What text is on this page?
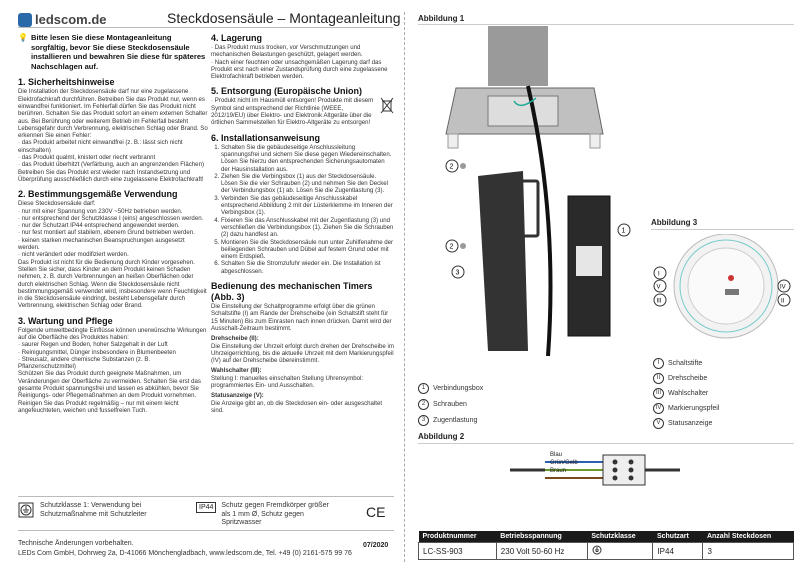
ledscom.de	Steckdosensäule – Montageanleitung
💡 Bitte lesen Sie diese Montageanleitung sorgfältig, bevor Sie diese Steckdosensäule installieren und bewahren Sie diese für späteres Nachschlagen auf.
1. Sicherheitshinweise
Die Installation der Steckdosensäule darf nur eine zugelassene Elektrofachkraft durchführen. Betreiben Sie das Produkt nur, wenn es einwandfrei funktioniert. Im Fehlerfall dürfen Sie das Produkt nicht berühren. Schalten Sie das Produkt sofort an einem externen Schalter aus. Bei Berührung oder weiterem Betrieb im Fehlerfall besteht Lebensgefahr durch Verbrennung, elektrischen Schlag oder Brand. So erkennen Sie einen Fehler:
· das Produkt arbeitet nicht einwandfrei (z. B.: lässt sich nicht einschalten)
· das Produkt qualmt, knistert oder riecht verbrannt
· das Produkt überhitzt (Verfärbung, auch an angrenzenden Flächen)
Betreiben Sie das Produkt erst wieder nach Instandsetzung und Überprüfung ausschließlich durch eine zugelassene Elektrofachkraft!
2. Bestimmungsgemäße Verwendung
Diese Steckdosensäule darf:
· nur mit einer Spannung von 230V ~50Hz betrieben werden.
· nur entsprechend der Schutzklasse I (eins) angeschlossen werden.
· nur der Schutzart IP44 entsprechend angewendet werden.
· nur fest montiert auf stabilem, ebenem Grund betrieben werden.
· keinen starken mechanischen Beanspruchungen ausgesetzt werden.
· nicht verändert oder modifiziert werden.
Das Produkt ist nicht für die Bedienung durch Kinder vorgesehen. Stellen Sie sicher, dass Kinder an dem Produkt keinen Schaden nehmen, z. B. durch Verbrennungen an heißen Oberflächen oder durch elektrischen Schlag. Wenn die Steckdosensäule nicht bestimmungsgemäß verwendet wird, insbesondere wenn Feuchtigkeit in die Steckdosensäule eindringt, besteht Lebensgefahr durch Verbrennung, elektrischen Schlag oder Brand.
3. Wartung und Pflege
Folgende umweltbedingte Einflüsse können unerwünschte Wirkungen auf die Oberfläche des Produktes haben:
· saurer Regen und Boden, hoher Salzgehalt in der Luft
· Reinigungsmittel, Dünger insbesondere in Blumenbeeten
· Streusalz, andere chemische Substanzen (z. B. Pflanzenschutzmittel)
Schützen Sie das Produkt durch geeignete Maßnahmen, um Veränderungen der Oberfläche zu vermeiden. Schalten Sie erst das gesamte Produkt spannungsfrei und lassen es abkühlen, bevor Sie Reinigungs- oder Pflegemaßnahmen an dem Produkt vornehmen. Reinigen Sie das Produkt regelmäßig – nur mit einem leicht angefeuchteten, weichen und fusselfreien Tuch.
4. Lagerung
· Das Produkt muss trocken, vor Verschmutzungen und mechanischen Belastungen geschützt, gelagert werden.
· Nach einer feuchten oder unsachgemäßen Lagerung darf das Produkt erst nach einer Zustandsprüfung durch eine zugelassene Elektrofachkraft betrieben werden.
5. Entsorgung (Europäische Union)
· Produkt nicht im Hausmüll entsorgen! Produkte mit diesem Symbol sind entsprechend der Richtlinie (WEEE, 2012/19/EU) über Elektro- und Elektronik Altgeräte über die örtlichen Sammelstellen für Elektro-Altgeräte zu entsorgen!
6. Installationsanweisung
1. Schalten Sie die gebäudeseitige Anschlussleitung spannungsfrei und sichern Sie diese gegen Wiedereinschalten. Lösen Sie hierzu den entsprechenden Sicherungsautomaten der Hausinstallation aus.
2. Ziehen Sie die Verbingsbox (1) aus der Steckdosensäule. Lösen Sie die vier Schrauben (2) und nehmen Sie den Deckel der Verbindungsbox (1) ab. Lösen Sie die Zugentlastung (3).
3. Verbinden Sie das gebäudeseitige Anschlusskabel entsprechend Abbildung 2 mit der Lüsterklemme im Inneren der Verbingsbox (1).
4. Fixieren Sie das Anschlusskabel mit der Zugentlastung (3) und verschließen die Verbindungsbox (1). Ziehen Sie die Schrauben (2) dazu handfest an.
5. Montieren Sie die Steckdosensäule nun unter Zuhilfenahme der beiliegenden Schrauben und Dübel auf festem Grund oder mit einem Erdspieß.
6. Schalten Sie die Stromzufuhr wieder ein. Die Installation ist abgeschlossen.
Bedienung des mechanischen Timers (Abb. 3)
Die Einstellung der Schaltprogramme erfolgt über die grünen Schaltstifte (I) am Rande der Drehscheibe (ein Schaltstift steht für 15 Minuten) Bis zum Einrasten nach innen drücken. Damit wird der Ausschalt-Zeitraum bestimmt.
Drehscheibe (II):
Die Einstellung der Uhrzeit erfolgt durch drehen der Drehscheibe im Uhrzeigerrichtung, bis die aktuelle Uhrzeit mit dem Markierungspfeil (IV) auf der Drehscheibe übereinstimmt.
Wahlschalter (III):
Stellung I: manuelles einschalten Stellung Uhrensymbol: programmiertes Ein- und Ausschalten.
Statusanzeige (V):
Die Anzeige gibt an, ob die Steckdosen ein- oder ausgeschaltet sind.
Schutzklasse 1: Verwendung bei Schutzmaßnahme mit Schutzleiter
IP44	Schutz gegen Fremdkörper größer als 1 mm Ø, Schutz gegen Spritzwasser
CE
Technische Änderungen vorbehalten.
LEDs Com GmbH, Dohrweg 2a, D-41066 Mönchengladbach, www.ledscom.de, Tel. +49 (0) 2161-575 99 76
07/2020
Abbildung 1
2
2
1
3
1	Verbindungsbox
2	Schrauben
3	Zugentlastung
Abbildung 3
I
V
III
IV
II
I	Schaltstifte
II	Drehscheibe
III	Wahlschalter
IV Markierungspfeil
V	Statusanzeige
Abbildung 2
Blau
Grün/Gelb
Braun
Produktnummer	Betriebsspannung	Schutzklasse	Schutzart	Anzahl Steckdosen
LC-SS-903	230 Volt 50-60 Hz		IP44	3
